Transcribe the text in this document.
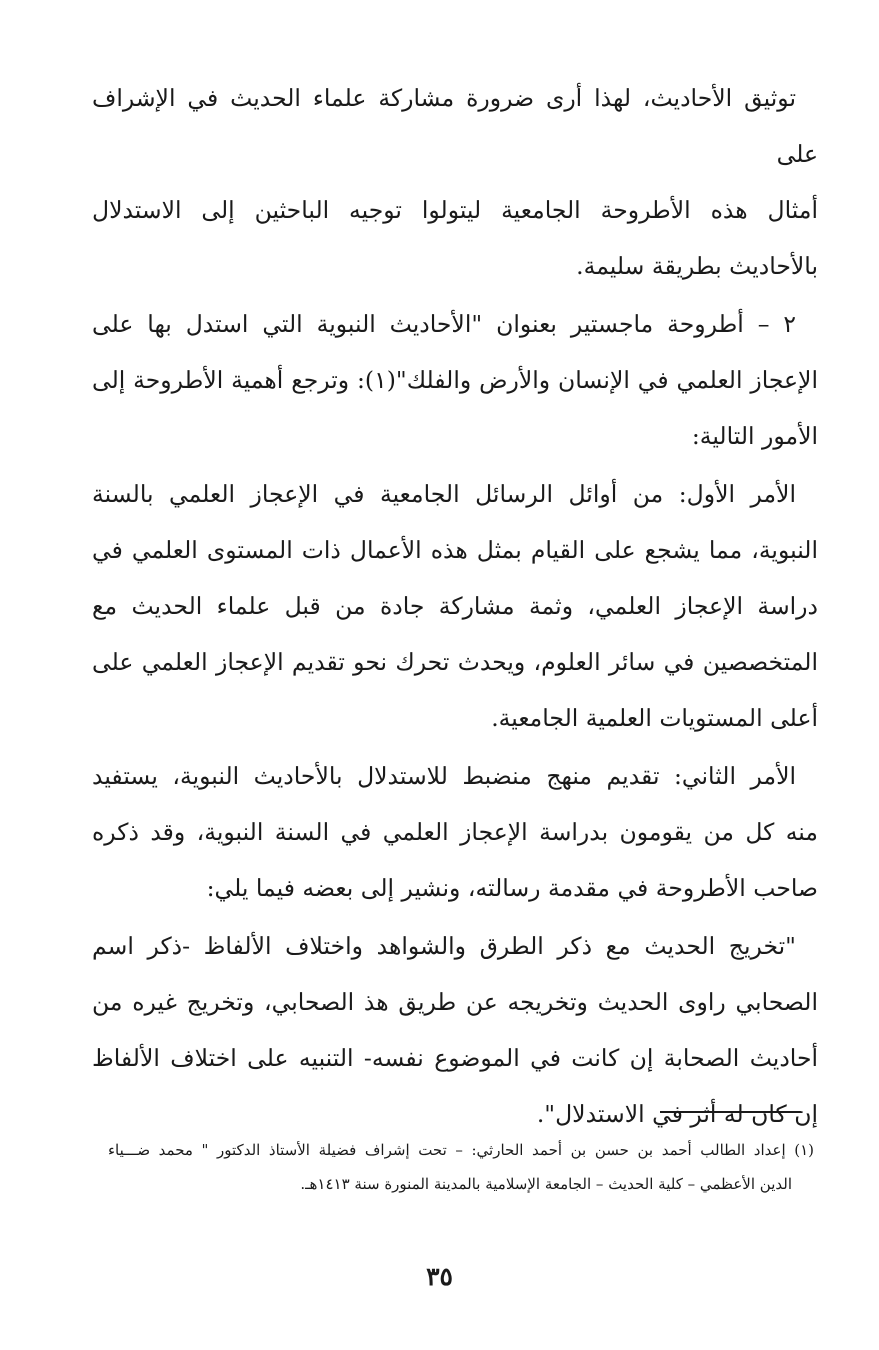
توثيق الأحاديث، لهذا أرى ضرورة مشاركة علماء الحديث في الإشراف على
أمثال هذه الأطروحة الجامعية ليتولوا توجيه الباحثين إلى الاستدلال
بالأحاديث بطريقة سليمة.

٢ – أطروحة ماجستير بعنوان "الأحاديث النبوية التي استدل بها على
الإعجاز العلمي في الإنسان والأرض والفلك"(١): وترجع أهمية الأطروحة إلى
الأمور التالية:

الأمر الأول: من أوائل الرسائل الجامعية في الإعجاز العلمي بالسنة
النبوية، مما يشجع على القيام بمثل هذه الأعمال ذات المستوى العلمي في
دراسة الإعجاز العلمي، وثمة مشاركة جادة من قبل علماء الحديث مع
المتخصصين في سائر العلوم، ويحدث تحرك نحو تقديم الإعجاز العلمي على
أعلى المستويات العلمية الجامعية.

الأمر الثاني: تقديم منهج منضبط للاستدلال بالأحاديث النبوية، يستفيد
منه كل من يقومون بدراسة الإعجاز العلمي في السنة النبوية، وقد ذكره
صاحب الأطروحة في مقدمة رسالته، ونشير إلى بعضه فيما يلي:

"تخريج الحديث مع ذكر الطرق والشواهد واختلاف الألفاظ -ذكر اسم
الصحابي راوى الحديث وتخريجه عن طريق هذ الصحابي، وتخريج غيره من
أحاديث الصحابة إن كانت في الموضوع نفسه- التنبيه على اختلاف الألفاظ
إن كان له أثر في الاستدلال".

(١) إعداد الطالب أحمد بن حسن بن أحمد الحارثي: – تحت إشراف فضيلة الأستاذ الدكتور " محمد ضـــياء
الدين الأعظمي – كلية الحديث – الجامعة الإسلامية بالمدينة المنورة سنة ١٤١٣هـ.
٣٥
